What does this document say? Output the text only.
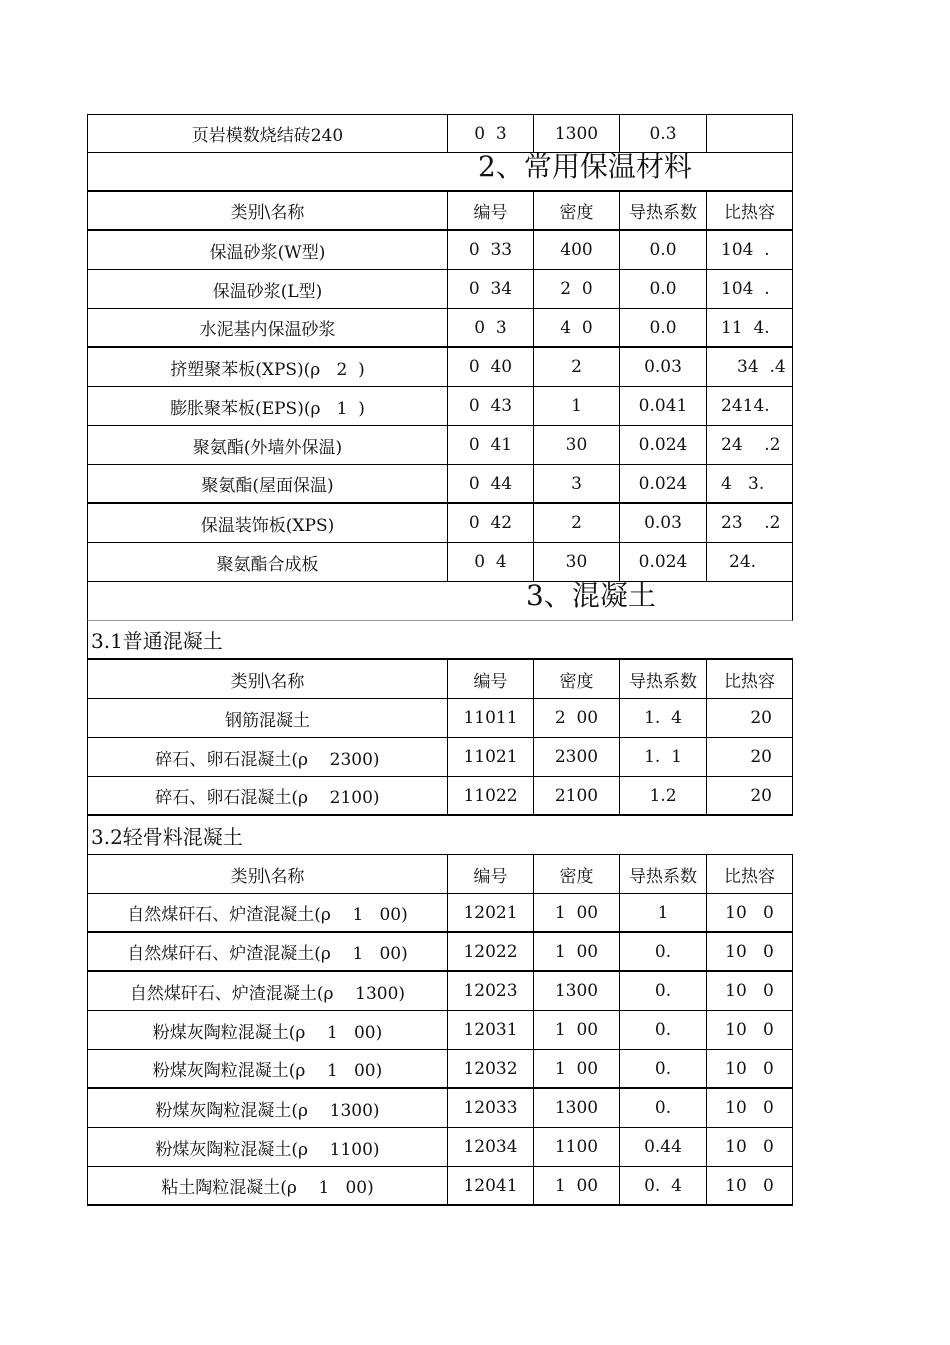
页岩模数烧结砖240	0  3	1300	0.3
2、常用保温材料
类别\名称	编号	密度	导热系数	比热容
保温砂浆(W型)	0  33	400	0.0	104  .
保温砂浆(L型)	0  34	2  0	0.0	104  .
水泥基内保温砂浆	0  3	4  0	0.0	11  4.
挤塑聚苯板(XPS)(ρ   2  )	0  40	2	0.03	34  .4
膨胀聚苯板(EPS)(ρ   1  )	0  43	1	0.041	2414.
聚氨酯(外墙外保温)	0  41	30	0.024	24    .2
聚氨酯(屋面保温)	0  44	3	0.024	4   3.
保温装饰板(XPS)	0  42	2	0.03	23    .2
聚氨酯合成板	0  4	30	0.024	24.
3、混凝土
3.1普通混凝土
类别\名称	编号	密度	导热系数	比热容
钢筋混凝土	11011	2  00	1.  4	20
碎石、卵石混凝土(ρ    2300)	11021	2300	1.  1	20
碎石、卵石混凝土(ρ    2100)	11022	2100	1.2	20
3.2轻骨料混凝土
类别\名称	编号	密度	导热系数	比热容
自然煤矸石、炉渣混凝土(ρ    1   00)	12021	1  00	1	10   0
自然煤矸石、炉渣混凝土(ρ    1   00)	12022	1  00	0.	10   0
自然煤矸石、炉渣混凝土(ρ    1300)	12023	1300	0.	10   0
粉煤灰陶粒混凝土(ρ    1   00)	12031	1  00	0.	10   0
粉煤灰陶粒混凝土(ρ    1   00)	12032	1  00	0.	10   0
粉煤灰陶粒混凝土(ρ    1300)	12033	1300	0.	10   0
粉煤灰陶粒混凝土(ρ    1100)	12034	1100	0.44	10   0
粘土陶粒混凝土(ρ    1   00)	12041	1  00	0.  4	10   0
